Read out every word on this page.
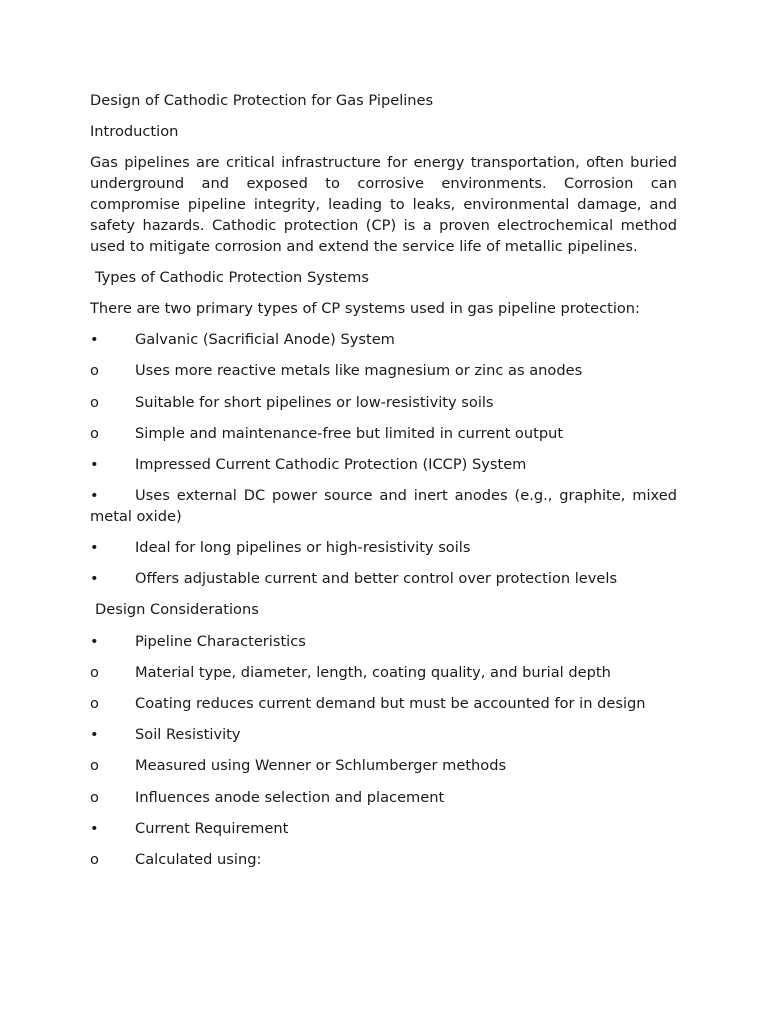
Design of Cathodic Protection for Gas Pipelines

Introduction

Gas pipelines are critical infrastructure for energy transportation, often buried underground and exposed to corrosive environments. Corrosion can compromise pipeline integrity, leading to leaks, environmental damage, and safety hazards. Cathodic protection (CP) is a proven electrochemical method used to mitigate corrosion and extend the service life of metallic pipelines.

Types of Cathodic Protection Systems

There are two primary types of CP systems used in gas pipeline protection:

• Galvanic (Sacrificial Anode) System
o Uses more reactive metals like magnesium or zinc as anodes
o Suitable for short pipelines or low-resistivity soils
o Simple and maintenance-free but limited in current output
• Impressed Current Cathodic Protection (ICCP) System
• Uses external DC power source and inert anodes (e.g., graphite, mixed metal oxide)
• Ideal for long pipelines or high-resistivity soils
• Offers adjustable current and better control over protection levels

Design Considerations

• Pipeline Characteristics
o Material type, diameter, length, coating quality, and burial depth
o Coating reduces current demand but must be accounted for in design
• Soil Resistivity
o Measured using Wenner or Schlumberger methods
o Influences anode selection and placement
• Current Requirement
o Calculated using:
